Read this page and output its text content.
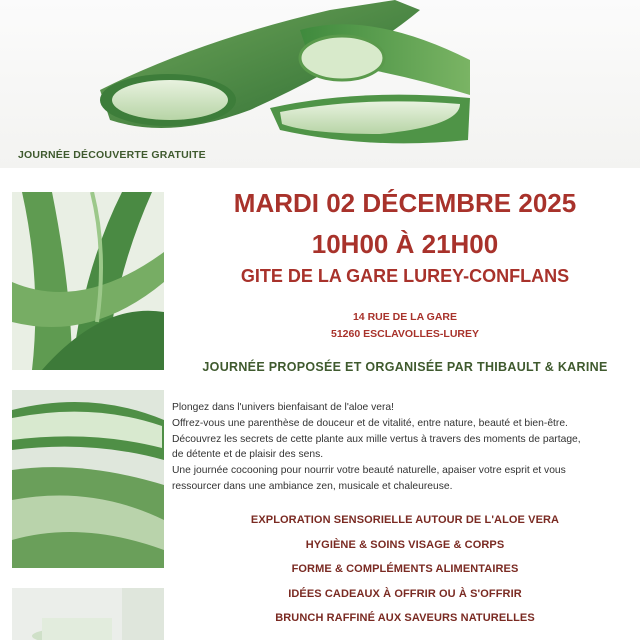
JOURNÉE DÉCOUVERTE GRATUITE
MARDI 02 DÉCEMBRE 2025
10H00 À 21H00
GITE DE LA GARE LUREY-CONFLANS
14 RUE DE LA GARE
51260 ESCLAVOLLES-LUREY
JOURNÉE PROPOSÉE ET ORGANISÉE PAR THIBAULT & KARINE
Plongez dans l'univers bienfaisant de l'aloe vera!
Offrez-vous une parenthèse de douceur et de vitalité, entre nature, beauté et bien-être.
Découvrez les secrets de cette plante aux mille vertus à travers des moments de partage,
de détente et de plaisir des sens.
Une journée cocooning pour nourrir votre beauté naturelle, apaiser votre esprit et vous
ressourcer dans une ambiance zen, musicale et chaleureuse.
EXPLORATION SENSORIELLE AUTOUR DE L'ALOE VERA
HYGIÈNE & SOINS VISAGE & CORPS
FORME & COMPLÉMENTS ALIMENTAIRES
IDÉES CADEAUX À OFFRIR OU À S'OFFRIR
BRUNCH RAFFINÉ AUX SAVEURS NATURELLES
